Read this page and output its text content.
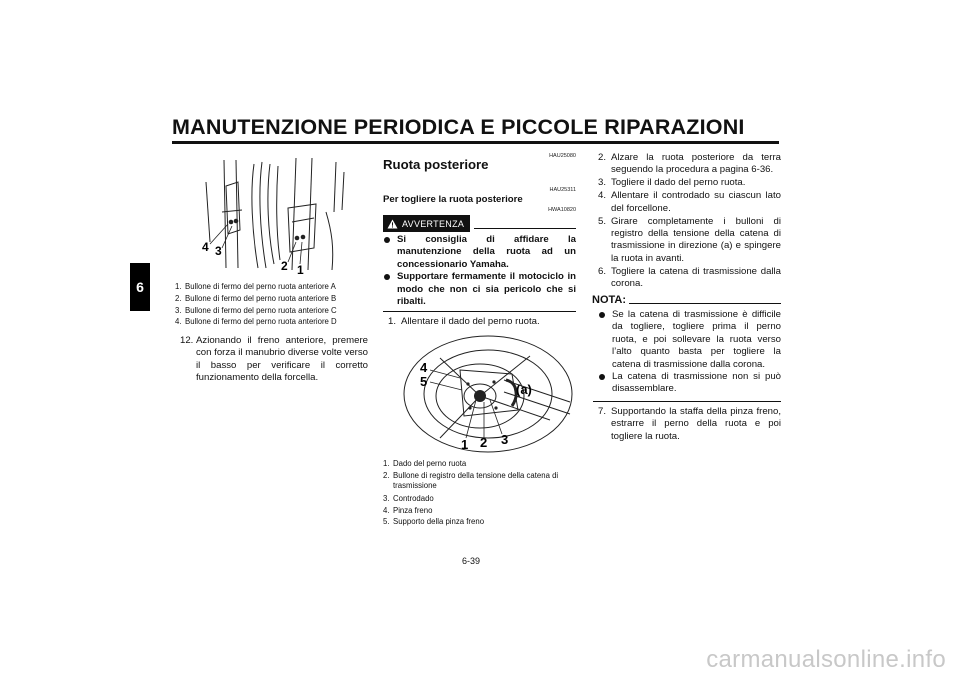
MANUTENZIONE PERIODICA E PICCOLE RIPARAZIONI
6
4 3
2 1
1. Bullone di fermo del perno ruota anteriore A
2. Bullone di fermo del perno ruota anteriore B
3. Bullone di fermo del perno ruota anteriore C
4. Bullone di fermo del perno ruota anteriore D
12. Azionando il freno anteriore, premere con forza il manubrio diverse volte verso il basso per verificare il corretto funzionamento della forcella.
HAU25080
Ruota posteriore
HAU25311
Per togliere la ruota posteriore
HWA10820
AVVERTENZA
Si consiglia di affidare la manutenzione della ruota ad un concessionario Yamaha.
Supportare fermamente il motociclo in modo che non ci sia pericolo che si ribalti.
1. Allentare il dado del perno ruota.
4
5
(a)
1 2 3
1. Dado del perno ruota
2. Bullone di registro della tensione della catena di trasmissione
3. Controdado
4. Pinza freno
5. Supporto della pinza freno
2. Alzare la ruota posteriore da terra seguendo la procedura a pagina 6-36.
3. Togliere il dado del perno ruota.
4. Allentare il controdado su ciascun lato del forcellone.
5. Girare completamente i bulloni di registro della tensione della catena di trasmissione in direzione (a) e spingere la ruota in avanti.
6. Togliere la catena di trasmissione dalla corona.
NOTA:
Se la catena di trasmissione è difficile da togliere, togliere prima il perno ruota, e poi sollevare la ruota verso l’alto quanto basta per togliere la catena di trasmissione dalla corona.
La catena di trasmissione non si può disassemblare.
7. Supportando la staffa della pinza freno, estrarre il perno della ruota e poi togliere la ruota.
6-39
carmanualsonline.info
